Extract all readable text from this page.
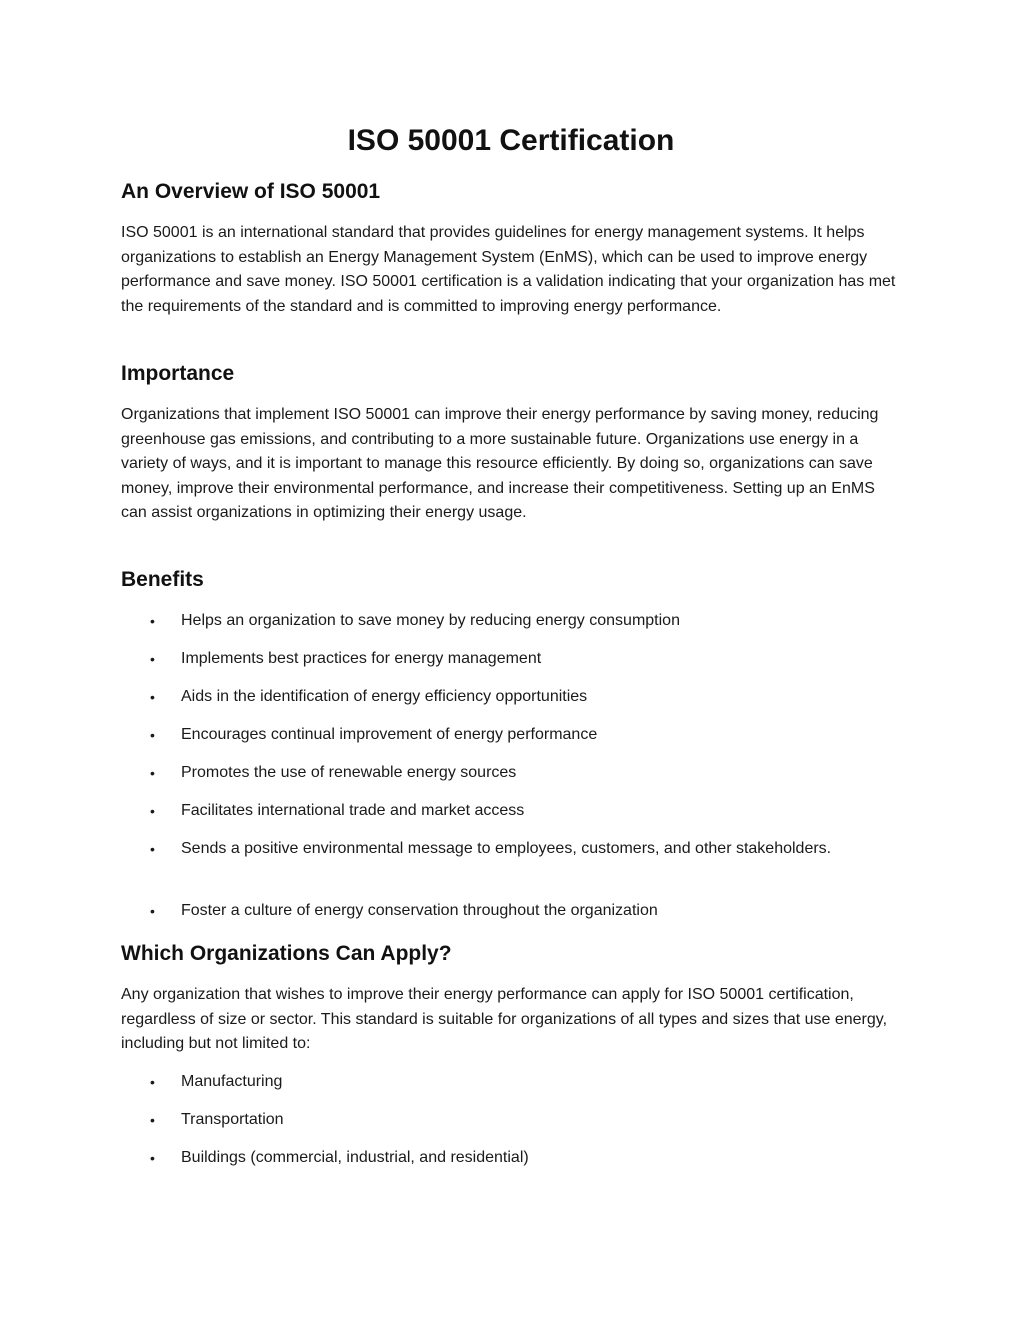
ISO 50001 Certification
An Overview of ISO 50001

ISO 50001 is an international standard that provides guidelines for energy management systems. It helps organizations to establish an Energy Management System (EnMS), which can be used to improve energy performance and save money. ISO 50001 certification is a validation indicating that your organization has met the requirements of the standard and is committed to improving energy performance.

Importance

Organizations that implement ISO 50001 can improve their energy performance by saving money, reducing greenhouse gas emissions, and contributing to a more sustainable future. Organizations use energy in a variety of ways, and it is important to manage this resource efficiently. By doing so, organizations can save money, improve their environmental performance, and increase their competitiveness. Setting up an EnMS can assist organizations in optimizing their energy usage.

Benefits
• Helps an organization to save money by reducing energy consumption
• Implements best practices for energy management
• Aids in the identification of energy efficiency opportunities
• Encourages continual improvement of energy performance
• Promotes the use of renewable energy sources
• Facilitates international trade and market access
• Sends a positive environmental message to employees, customers, and other stakeholders.
• Foster a culture of energy conservation throughout the organization
Which Organizations Can Apply?

Any organization that wishes to improve their energy performance can apply for ISO 50001 certification, regardless of size or sector. This standard is suitable for organizations of all types and sizes that use energy, including but not limited to:

• Manufacturing
• Transportation
• Buildings (commercial, industrial, and residential)
